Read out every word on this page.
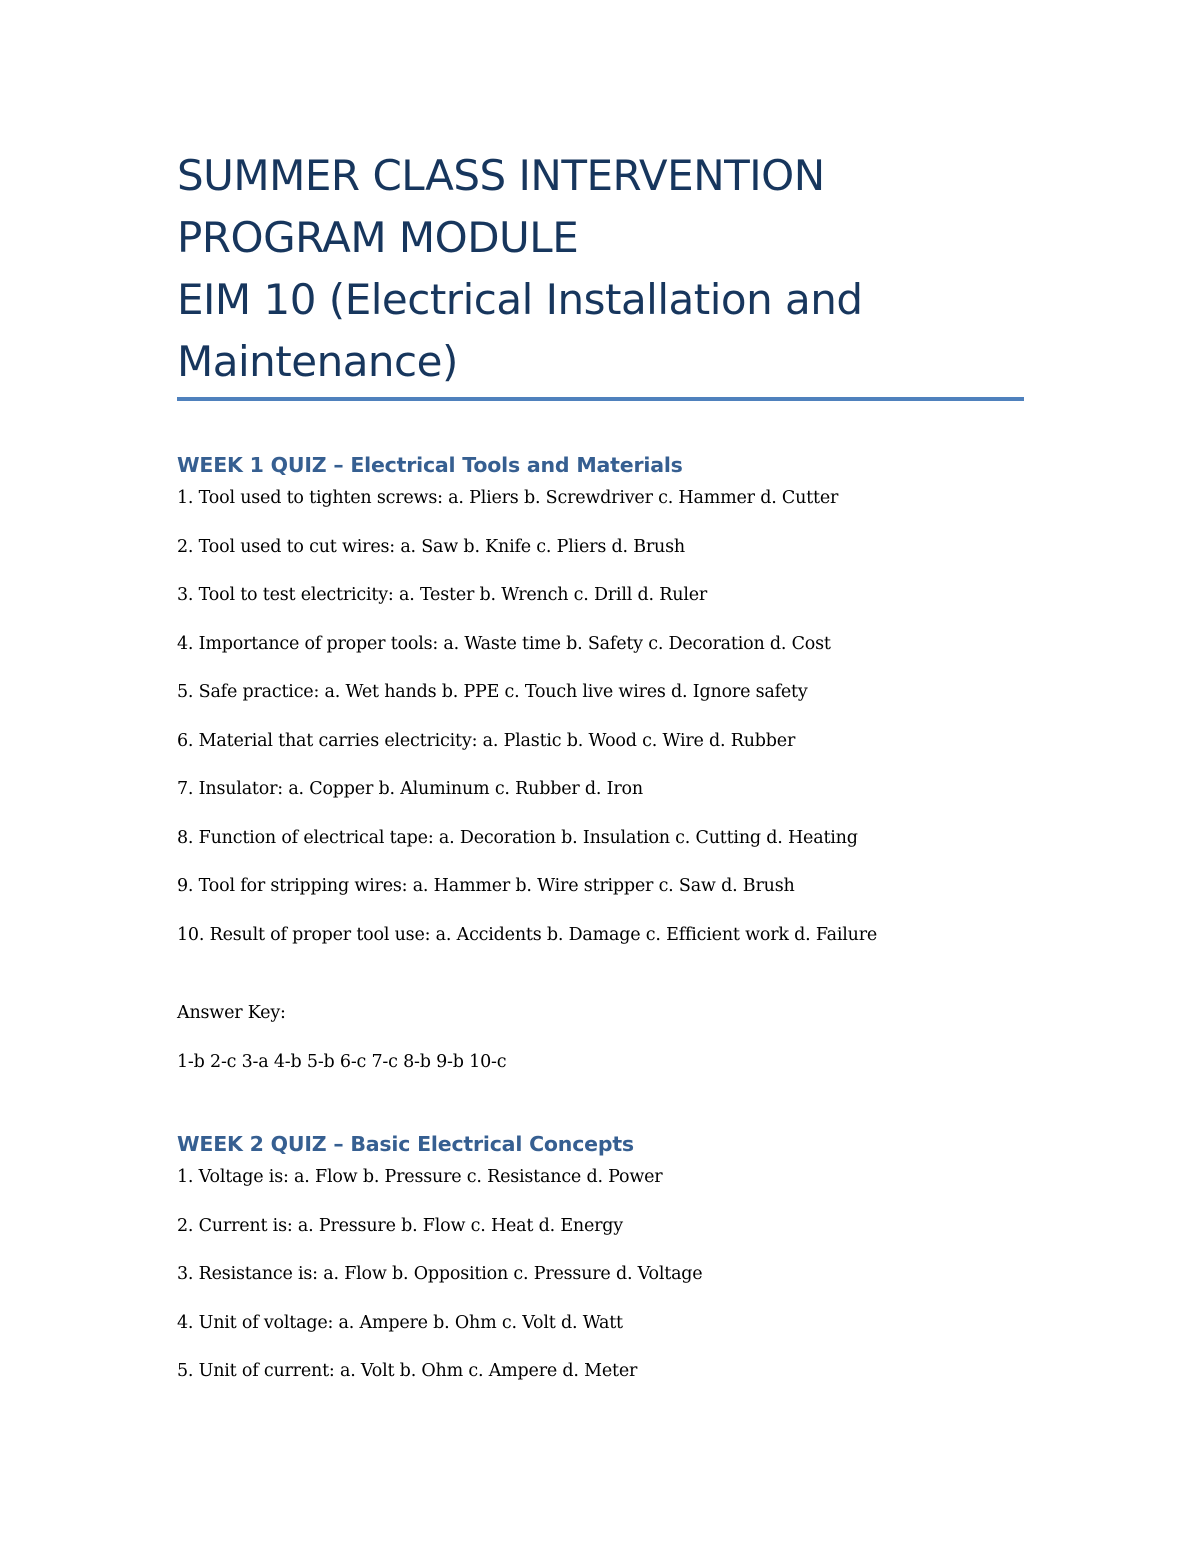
SUMMER CLASS INTERVENTION
PROGRAM MODULE
EIM 10 (Electrical Installation and
Maintenance)
WEEK 1 QUIZ – Electrical Tools and Materials
1. Tool used to tighten screws: a. Pliers b. Screwdriver c. Hammer d. Cutter
2. Tool used to cut wires: a. Saw b. Knife c. Pliers d. Brush
3. Tool to test electricity: a. Tester b. Wrench c. Drill d. Ruler
4. Importance of proper tools: a. Waste time b. Safety c. Decoration d. Cost
5. Safe practice: a. Wet hands b. PPE c. Touch live wires d. Ignore safety
6. Material that carries electricity: a. Plastic b. Wood c. Wire d. Rubber
7. Insulator: a. Copper b. Aluminum c. Rubber d. Iron
8. Function of electrical tape: a. Decoration b. Insulation c. Cutting d. Heating
9. Tool for stripping wires: a. Hammer b. Wire stripper c. Saw d. Brush
10. Result of proper tool use: a. Accidents b. Damage c. Efficient work d. Failure
Answer Key:
1-b 2-c 3-a 4-b 5-b 6-c 7-c 8-b 9-b 10-c
WEEK 2 QUIZ – Basic Electrical Concepts
1. Voltage is: a. Flow b. Pressure c. Resistance d. Power
2. Current is: a. Pressure b. Flow c. Heat d. Energy
3. Resistance is: a. Flow b. Opposition c. Pressure d. Voltage
4. Unit of voltage: a. Ampere b. Ohm c. Volt d. Watt
5. Unit of current: a. Volt b. Ohm c. Ampere d. Meter
